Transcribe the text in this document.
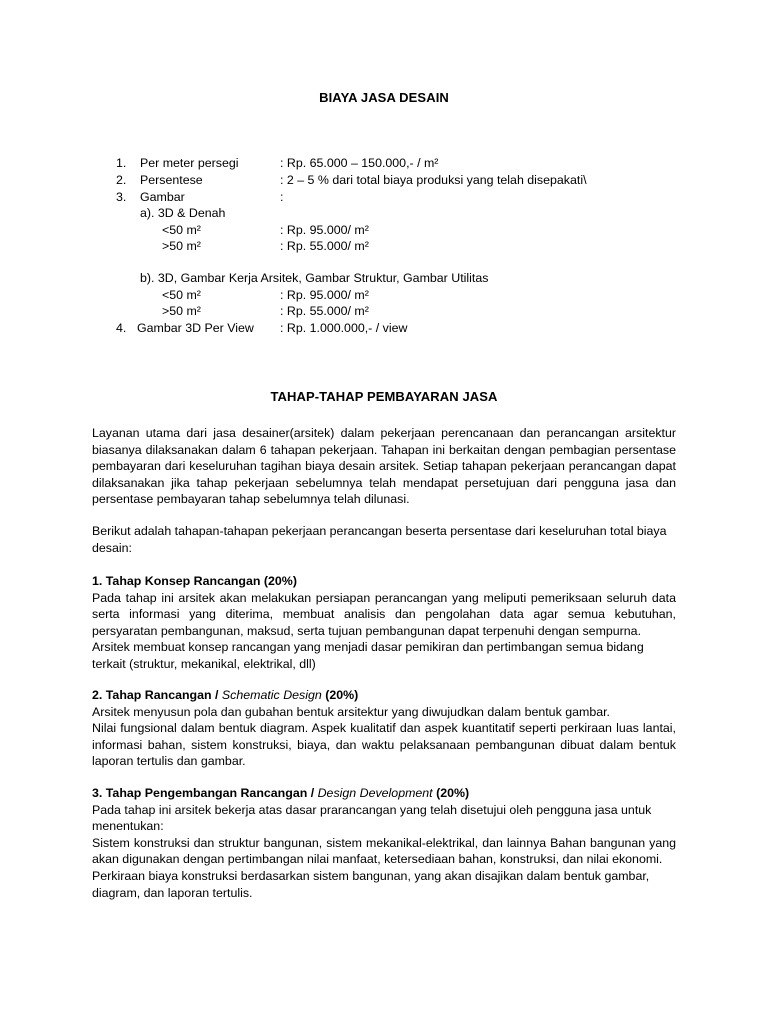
BIAYA JASA DESAIN
1. Per meter persegi	: Rp. 65.000 – 150.000,- / m²
2. Persentese	: 2 – 5 % dari total biaya produksi yang telah disepakati\
3. Gambar	:
a). 3D & Denah
<50 m²	: Rp. 95.000/ m²
>50 m²	: Rp. 55.000/ m²
b). 3D, Gambar Kerja Arsitek, Gambar Struktur, Gambar Utilitas
<50 m²	: Rp. 95.000/ m²
>50 m²	: Rp. 55.000/ m²
4. Gambar 3D Per View : Rp. 1.000.000,- / view
TAHAP-TAHAP PEMBAYARAN JASA

Layanan utama dari jasa desainer(arsitek) dalam pekerjaan perencanaan dan perancangan arsitektur biasanya dilaksanakan dalam 6 tahapan pekerjaan. Tahapan ini berkaitan dengan pembagian persentase pembayaran dari keseluruhan tagihan biaya desain arsitek. Setiap tahapan pekerjaan perancangan dapat dilaksanakan jika tahap pekerjaan sebelumnya telah mendapat persetujuan dari pengguna jasa dan persentase pembayaran tahap sebelumnya telah dilunasi.

Berikut adalah tahapan-tahapan pekerjaan perancangan beserta persentase dari keseluruhan total biaya desain:

1. Tahap Konsep Rancangan (20%)

Pada tahap ini arsitek akan melakukan persiapan perancangan yang meliputi pemeriksaan seluruh data serta informasi yang diterima, membuat analisis dan pengolahan data agar semua kebutuhan, persyaratan pembangunan, maksud, serta tujuan pembangunan dapat terpenuhi dengan sempurna.

Arsitek membuat konsep rancangan yang menjadi dasar pemikiran dan pertimbangan semua bidang terkait (struktur, mekanikal, elektrikal, dll)

2. Tahap Rancangan / Schematic Design (20%)

Arsitek menyusun pola dan gubahan bentuk arsitektur yang diwujudkan dalam bentuk gambar.

Nilai fungsional dalam bentuk diagram. Aspek kualitatif dan aspek kuantitatif seperti perkiraan luas lantai, informasi bahan, sistem konstruksi, biaya, dan waktu pelaksanaan pembangunan dibuat dalam bentuk laporan tertulis dan gambar.

3. Tahap Pengembangan Rancangan / Design Development (20%)

Pada tahap ini arsitek bekerja atas dasar prarancangan yang telah disetujui oleh pengguna jasa untuk menentukan:

Sistem konstruksi dan struktur bangunan, sistem mekanikal-elektrikal, dan lainnya Bahan bangunan yang akan digunakan dengan pertimbangan nilai manfaat, ketersediaan bahan, konstruksi, dan nilai ekonomi.

Perkiraan biaya konstruksi berdasarkan sistem bangunan, yang akan disajikan dalam bentuk gambar, diagram, dan laporan tertulis.
